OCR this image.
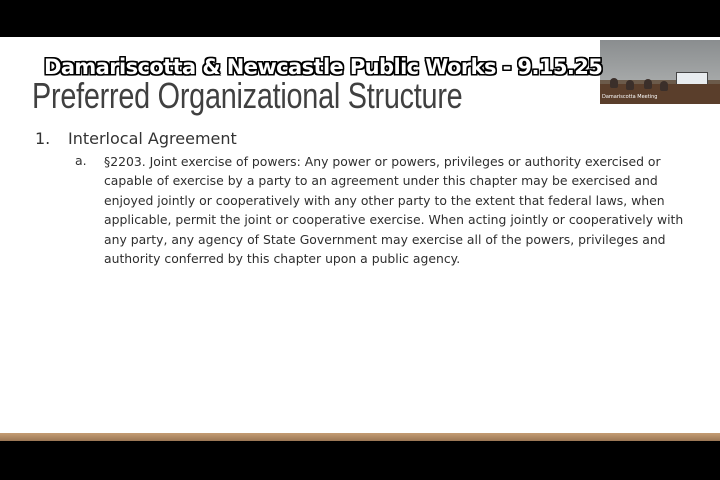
Preferred Organizational Structure
1. Interlocal Agreement
a. §2203. Joint exercise of powers: Any power or powers, privileges or authority exercised or capable of exercise by a party to an agreement under this chapter may be exercised and enjoyed jointly or cooperatively with any other party to the extent that federal laws, when applicable, permit the joint or cooperative exercise. When acting jointly or cooperatively with any party, any agency of State Government may exercise all of the powers, privileges and authority conferred by this chapter upon a public agency.
Damariscotta Meeting
Damariscotta & Newcastle Public Works - 9.15.25
